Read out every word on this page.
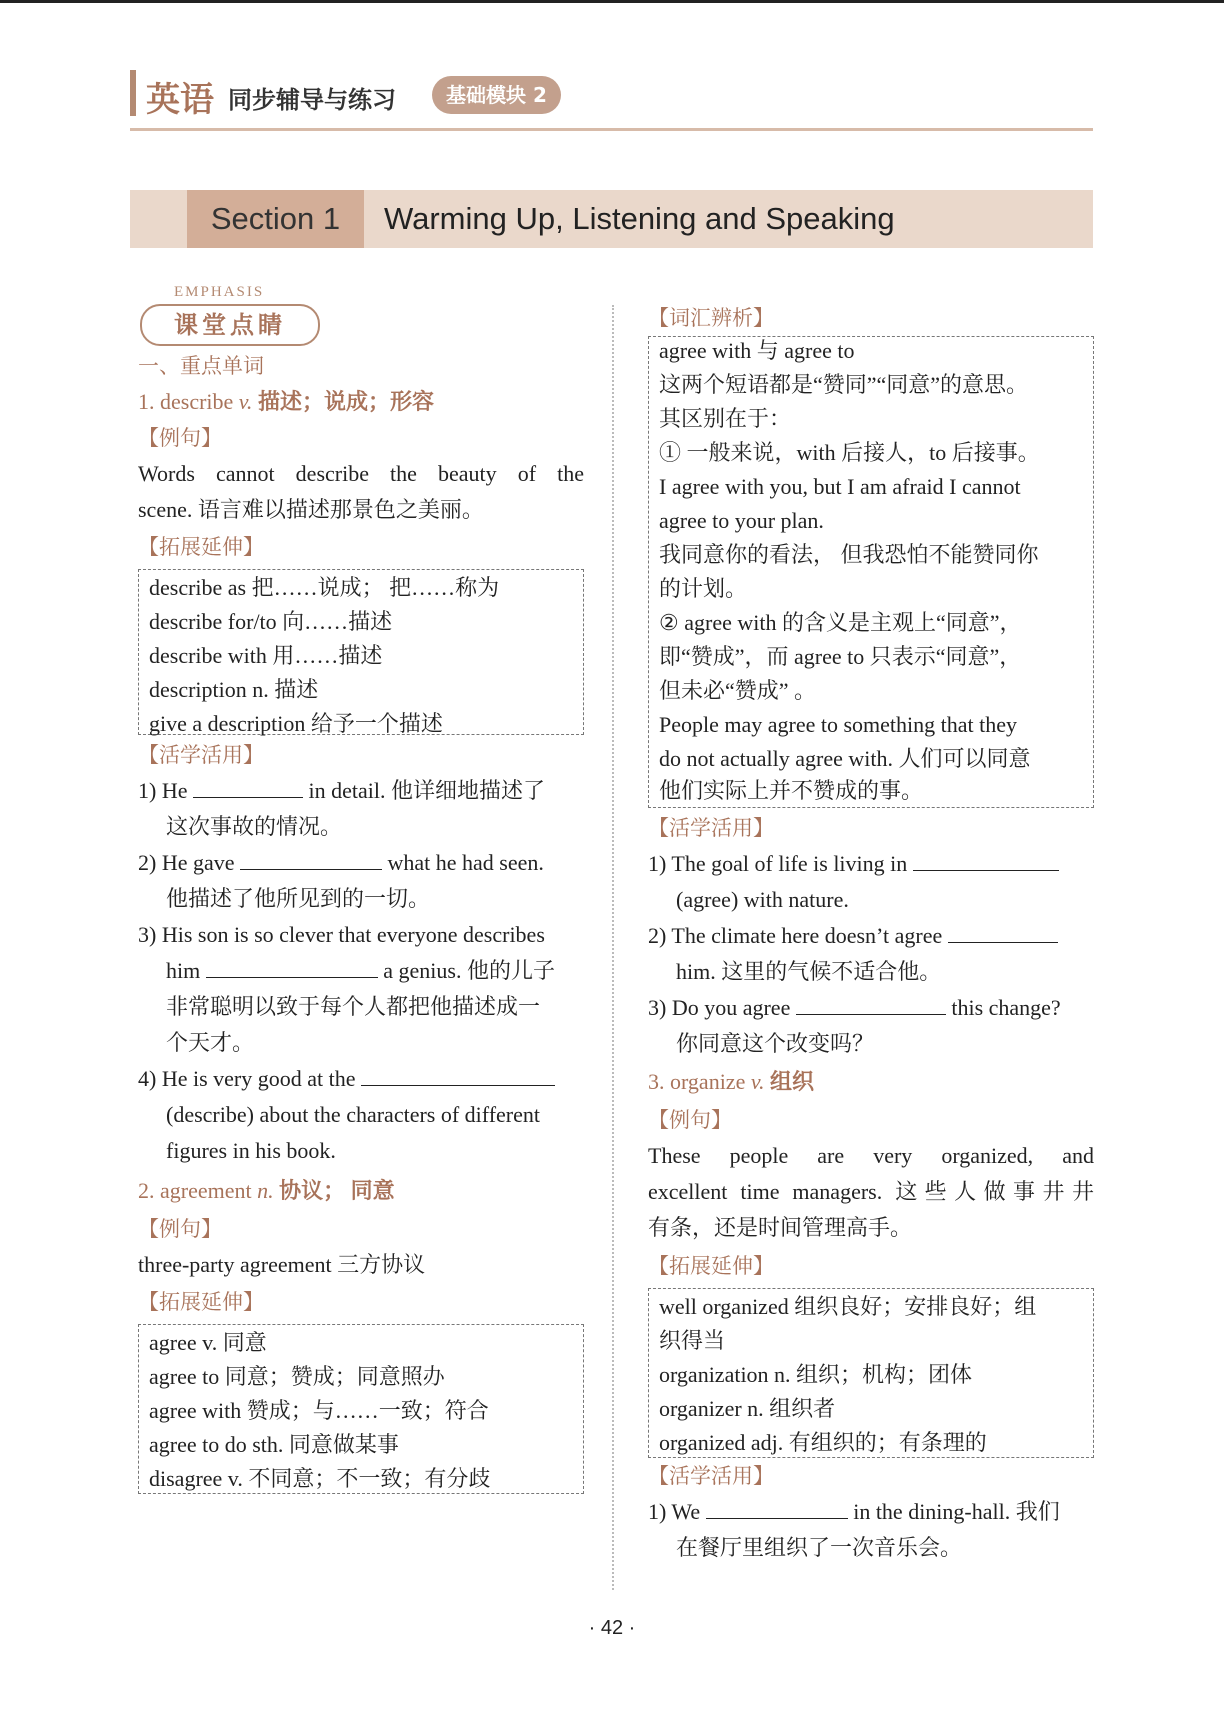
英语 同步辅导与练习	基础模块 2
Section 1	Warming Up, Listening and Speaking
EMPHASIS
课堂点睛
一、重点单词
1. describe v. 描述；说成；形容
【例句】
Words cannot describe the beauty of the
scene. 语言难以描述那景色之美丽。
【拓展延伸】
describe as 把……说成； 把……称为
describe for/to 向……描述
describe with 用……描述
description n. 描述
give a description 给予一个描述
【活学活用】
1) He	in detail. 他详细地描述了
这次事故的情况。
2) He gave	what he had seen.
他描述了他所见到的一切。
3) His son is so clever that everyone describes
him	a genius. 他的儿子
非常聪明以致于每个人都把他描述成一
个天才。
4) He is very good at the
(describe) about the characters of different
figures in his book.
2. agreement n. 协议； 同意
【例句】
three-party agreement 三方协议
【拓展延伸】
agree v. 同意
agree to 同意；赞成；同意照办
agree with 赞成；与……一致；符合
agree to do sth. 同意做某事
disagree v. 不同意；不一致；有分歧
【词汇辨析】
agree with 与 agree to
这两个短语都是“赞同”“同意”的意思。
其区别在于：
① 一般来说，with 后接人，to 后接事。
I agree with you, but I am afraid I cannot
agree to your plan.
我同意你的看法， 但我恐怕不能赞同你
的计划。
② agree with 的含义是主观上“同意”，
即“赞成”，而 agree to 只表示“同意”，
但未必“赞成” 。
People may agree to something that they
do not actually agree with. 人们可以同意
他们实际上并不赞成的事。
【活学活用】
1) The goal of life is living in
(agree) with nature.
2) The climate here doesn’t agree
him. 这里的气候不适合他。
3) Do you agree	this change?
你同意这个改变吗？
3. organize v. 组织
【例句】
These people are very organized, and
excellent time managers. 这些人做事井井
有条，还是时间管理高手。
【拓展延伸】
well organized 组织良好；安排良好；组
织得当
organization n. 组织；机构；团体
organizer n. 组织者
organized adj. 有组织的；有条理的
【活学活用】
1) We	in the dining-hall. 我们
在餐厅里组织了一次音乐会。
· 42 ·
